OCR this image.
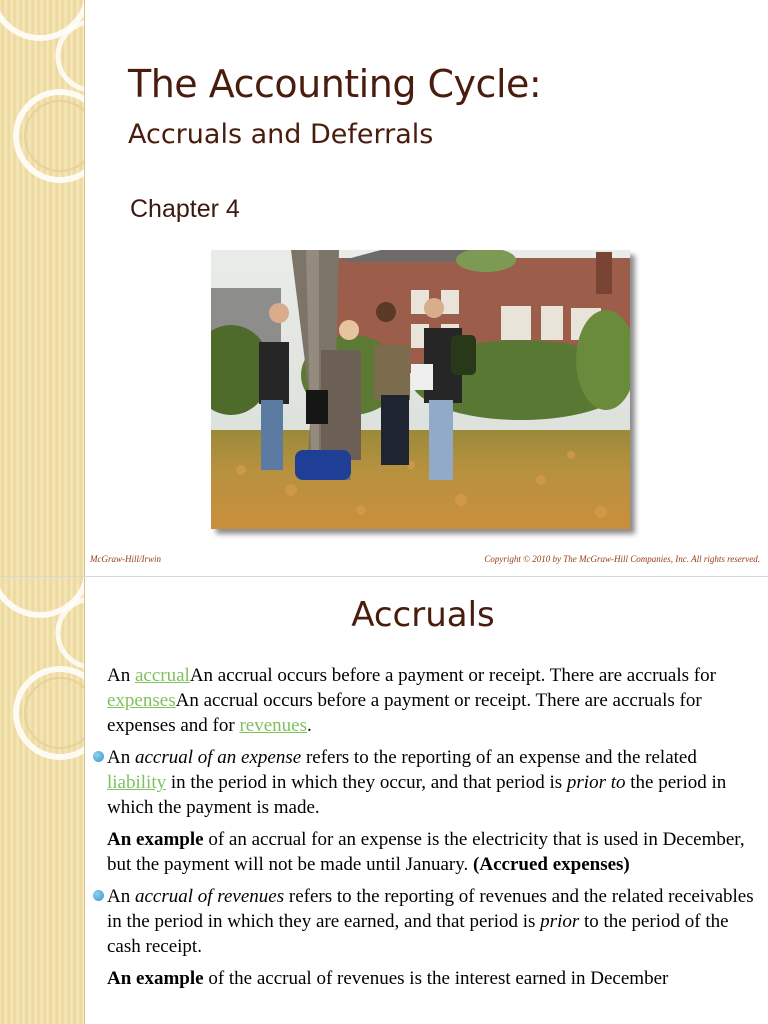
The Accounting Cycle:
Accruals and Deferrals
Chapter 4
McGraw-Hill/Irwin	Copyright © 2010 by The McGraw-Hill Companies, Inc. All rights reserved.
Accruals

An accrualAn accrual occurs before a payment or receipt. There are accruals for expensesAn accrual occurs before a payment or receipt. There are accruals for expenses and for revenues.

An accrual of an expense refers to the reporting of an expense and the related liability in the period in which they occur, and that period is prior to the period in which the payment is made.

An example of an accrual for an expense is the electricity that is used in December, but the payment will not be made until January. (Accrued expenses)

An accrual of revenues refers to the reporting of revenues and the related receivables in the period in which they are earned, and that period is prior to the period of the cash receipt.

An example of the accrual of revenues is the interest earned in December
